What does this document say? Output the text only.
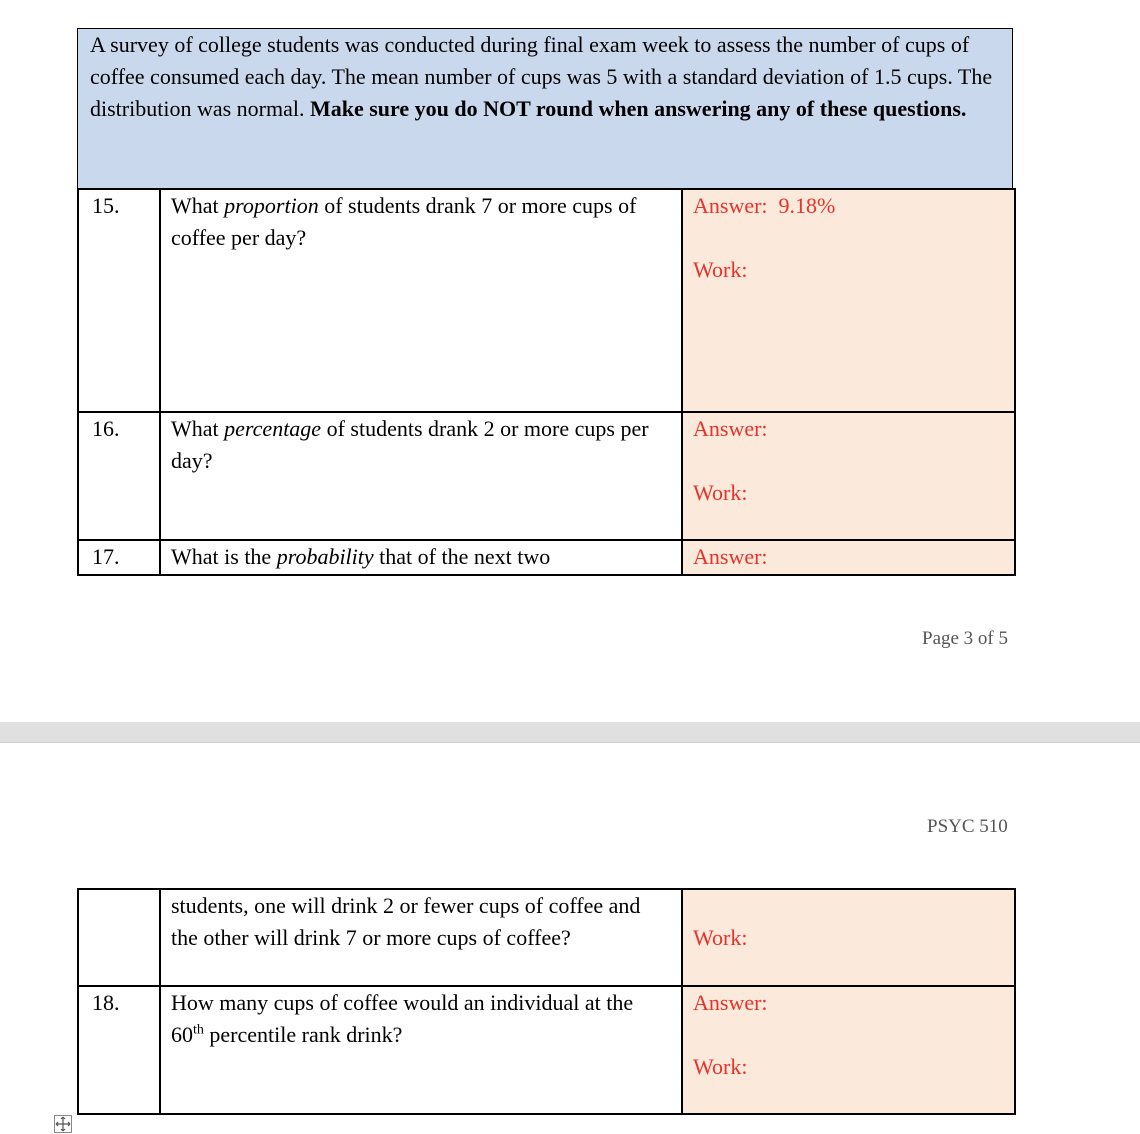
A survey of college students was conducted during final exam week to assess the number of cups of coffee consumed each day. The mean number of cups was 5 with a standard deviation of 1.5 cups. The distribution was normal. Make sure you do NOT round when answering any of these questions.

15.	What proportion of students drank 7 or more cups of coffee per day?	Answer: 9.18%
Work:

16.	What percentage of students drank 2 or more cups per day?	Answer:
Work:

17.	What is the probability that of the next two	Answer:
Page 3 of 5
PSYC 510
	students, one will drink 2 or fewer cups of coffee and the other will drink 7 or more cups of coffee?	Work:
18.	How many cups of coffee would an individual at the 60th percentile rank drink?	Answer:
Work:
